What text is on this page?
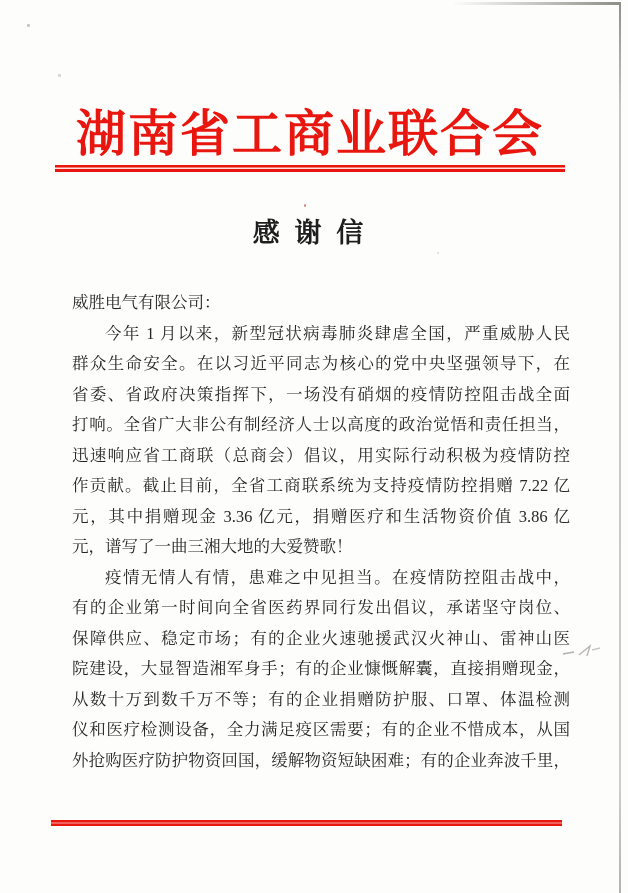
湖南省工商业联合会
感 谢 信
威胜电气有限公司：
今年 1 月以来，新型冠状病毒肺炎肆虐全国，严重威胁人民
群众生命安全。在以习近平同志为核心的党中央坚强领导下，在
省委、省政府决策指挥下，一场没有硝烟的疫情防控阻击战全面
打响。全省广大非公有制经济人士以高度的政治觉悟和责任担当，
迅速响应省工商联（总商会）倡议，用实际行动积极为疫情防控
作贡献。截止目前，全省工商联系统为支持疫情防控捐赠 7.22 亿
元，其中捐赠现金 3.36 亿元，捐赠医疗和生活物资价值 3.86 亿
元，谱写了一曲三湘大地的大爱赞歌！
疫情无情人有情，患难之中见担当。在疫情防控阻击战中，
有的企业第一时间向全省医药界同行发出倡议，承诺坚守岗位、
保障供应、稳定市场；有的企业火速驰援武汉火神山、雷神山医
院建设，大显智造湘军身手；有的企业慷慨解囊，直接捐赠现金，
从数十万到数千万不等；有的企业捐赠防护服、口罩、体温检测
仪和医疗检测设备，全力满足疫区需要；有的企业不惜成本，从国
外抢购医疗防护物资回国，缓解物资短缺困难；有的企业奔波千里，
